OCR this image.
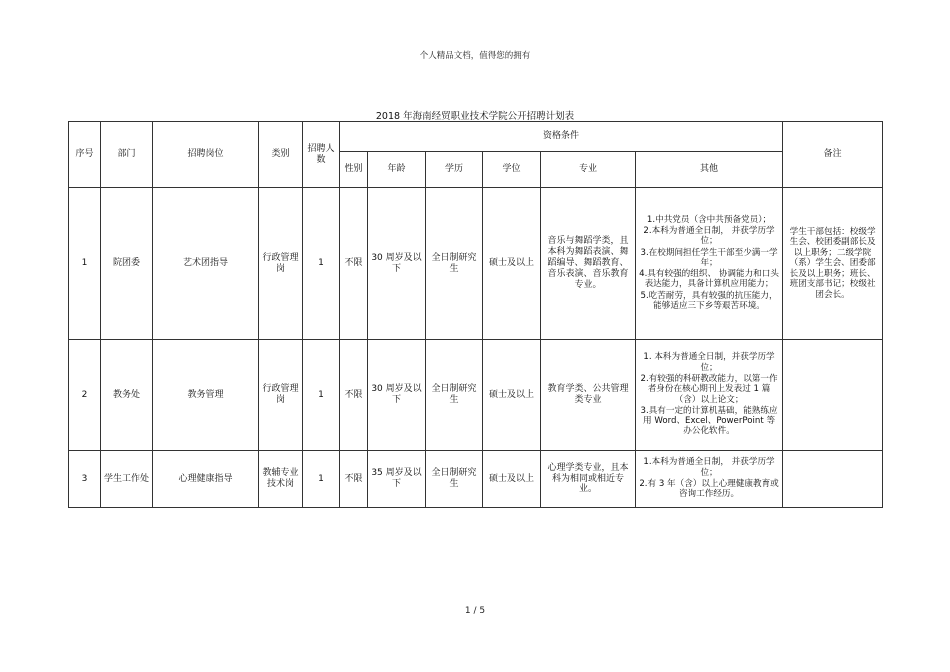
个人精品文档，值得您的拥有
2018 年海南经贸职业技术学院公开招聘计划表
序号	部门	招聘岗位	类别	招聘人数	资格条件						备注
					性别	年龄	学历	学位	专业	其他	
1	院团委	艺术团指导	行政管理岗	1	不限	30 周岁及以下	全日制研究生	硕士及以上	音乐与舞蹈学类，且本科为舞蹈表演、舞蹈编导、舞蹈教育、音乐表演、音乐教育专业。	1.中共党员（含中共预备党员）；

2.本科为普通全日制， 并获学历学位；

3.在校期间担任学生干部至少满一学年；

4.具有较强的组织、 协调能力和口头表达能力，具备计算机应用能力；

5.吃苦耐劳，具有较强的抗压能力，能够适应三下乡等艰苦环境。	学生干部包括：校级学生会、校团委副部长及以上职务；二级学院（系）学生会、团委部长及以上职务；班长、班团支部书记；校级社团会长。
2	教务处	教务管理	行政管理岗	1	不限	30 周岁及以下	全日制研究生	硕士及以上	教育学类、公共管理类专业	1. 本科为普通全日制，并获学历学位；

2.有较强的科研教改能力，以第一作者身份在核心期刊上发表过 1 篇（含）以上论文；

3.具有一定的计算机基础，能熟练应用 Word、Excel、PowerPoint 等办公化软件。	

3	学生工作处	心理健康指导	教辅专业技术岗	1	不限	35 周岁及以下	全日制研究生	硕士及以上	心理学类专业，且本科为相同或相近专业。	1.本科为普通全日制， 并获学历学位；

2.有 3 年（含）以上心理健康教育或咨询工作经历。	

1 / 5
